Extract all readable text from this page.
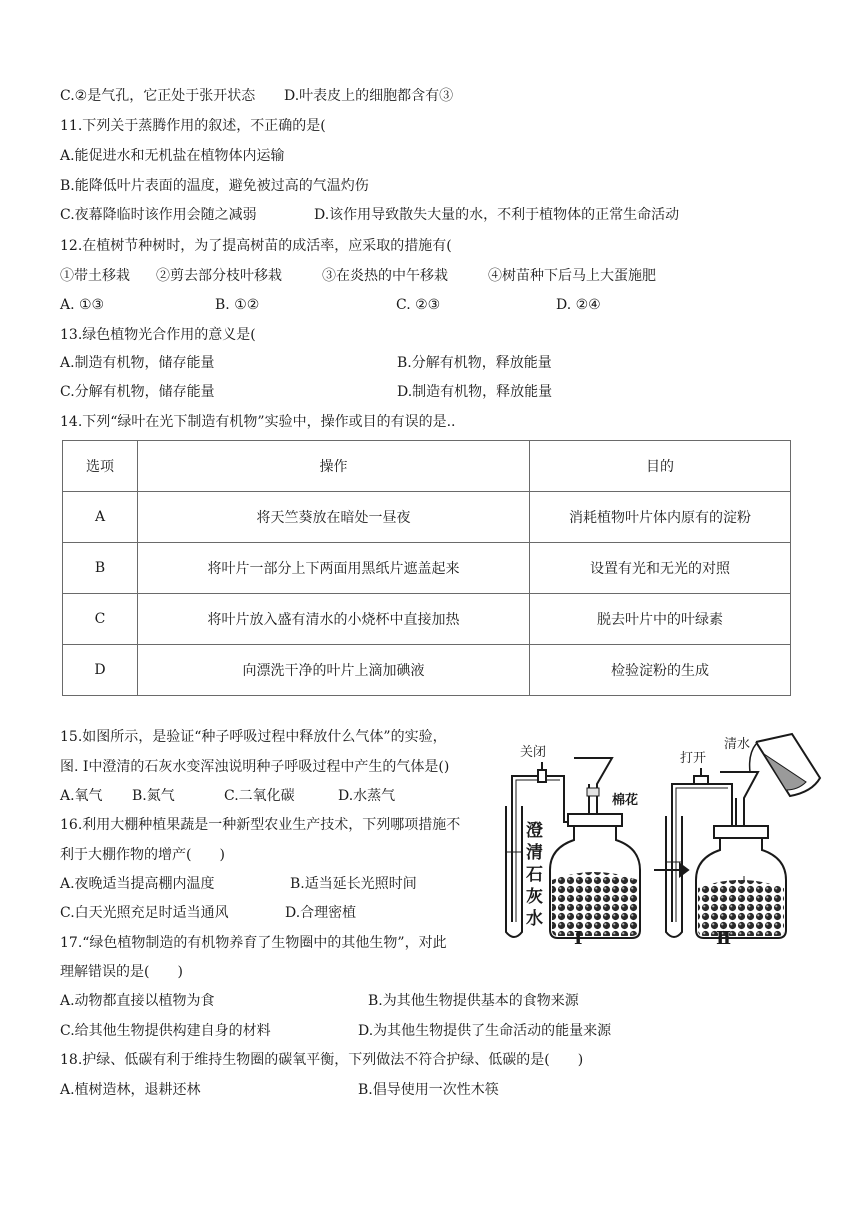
C.②是气孔，它正处于张开状态 D.叶表皮上的细胞都含有③
11.下列关于蒸腾作用的叙述，不正确的是(
A.能促进水和无机盐在植物体内运输
B.能降低叶片表面的温度，避免被过高的气温灼伤
C.夜幕降临时该作用会随之减弱	D.该作用导致散失大量的水，不利于植物体的正常生命活动
12.在植树节种树时，为了提高树苗的成活率，应采取的措施有(
①带土移栽 ②剪去部分枝叶移栽	③在炎热的中午移栽	④树苗种下后马上大蛋施肥
A. ①③	B. ①②	C. ②③	D. ②④
13.绿色植物光合作用的意义是(
A.制造有机物，储存能量	B.分解有机物，释放能量
C.分解有机物，储存能量	D.制造有机物，释放能量
14.下列“绿叶在光下制造有机物”实验中，操作或目的有误的是..
选项	操作	目的
A	将天竺葵放在暗处一昼夜	消耗植物叶片体内原有的淀粉
B	将叶片一部分上下两面用黑纸片遮盖起来	设置有光和无光的对照
C	将叶片放入盛有清水的小烧杯中直接加热	脱去叶片中的叶绿素
D	向漂洗干净的叶片上滴加碘液	检验淀粉的生成
15.如图所示，是验证“种子呼吸过程中释放什么气体”的实验，
图. Ⅰ中澄清的石灰水变浑浊说明种子呼吸过程中产生的气体是()
A.氧气 B.氮气	C.二氧化碳	D.水蒸气
16.利用大棚种植果蔬是一种新型农业生产技术，下列哪项措施不
利于大棚作物的增产(　　)
A.夜晚适当提高棚内温度	B.适当延长光照时间
C.白天光照充足时适当通风	D.合理密植
17.“绿色植物制造的有机物养育了生物圈中的其他生物”，对此
理解错误的是(　　)
A.动物都直接以植物为食	B.为其他生物提供基本的食物来源
C.给其他生物提供构建自身的材料	D.为其他生物提供了生命活动的能量来源
18.护绿、低碳有利于维持生物圈的碳氧平衡，下列做法不符合护绿、低碳的是(　　)
A.植树造林，退耕还林	B.倡导使用一次性木筷
关闭
棉花
打开
清水
澄
清
石
灰
水
Ⅰ	Ⅱ
